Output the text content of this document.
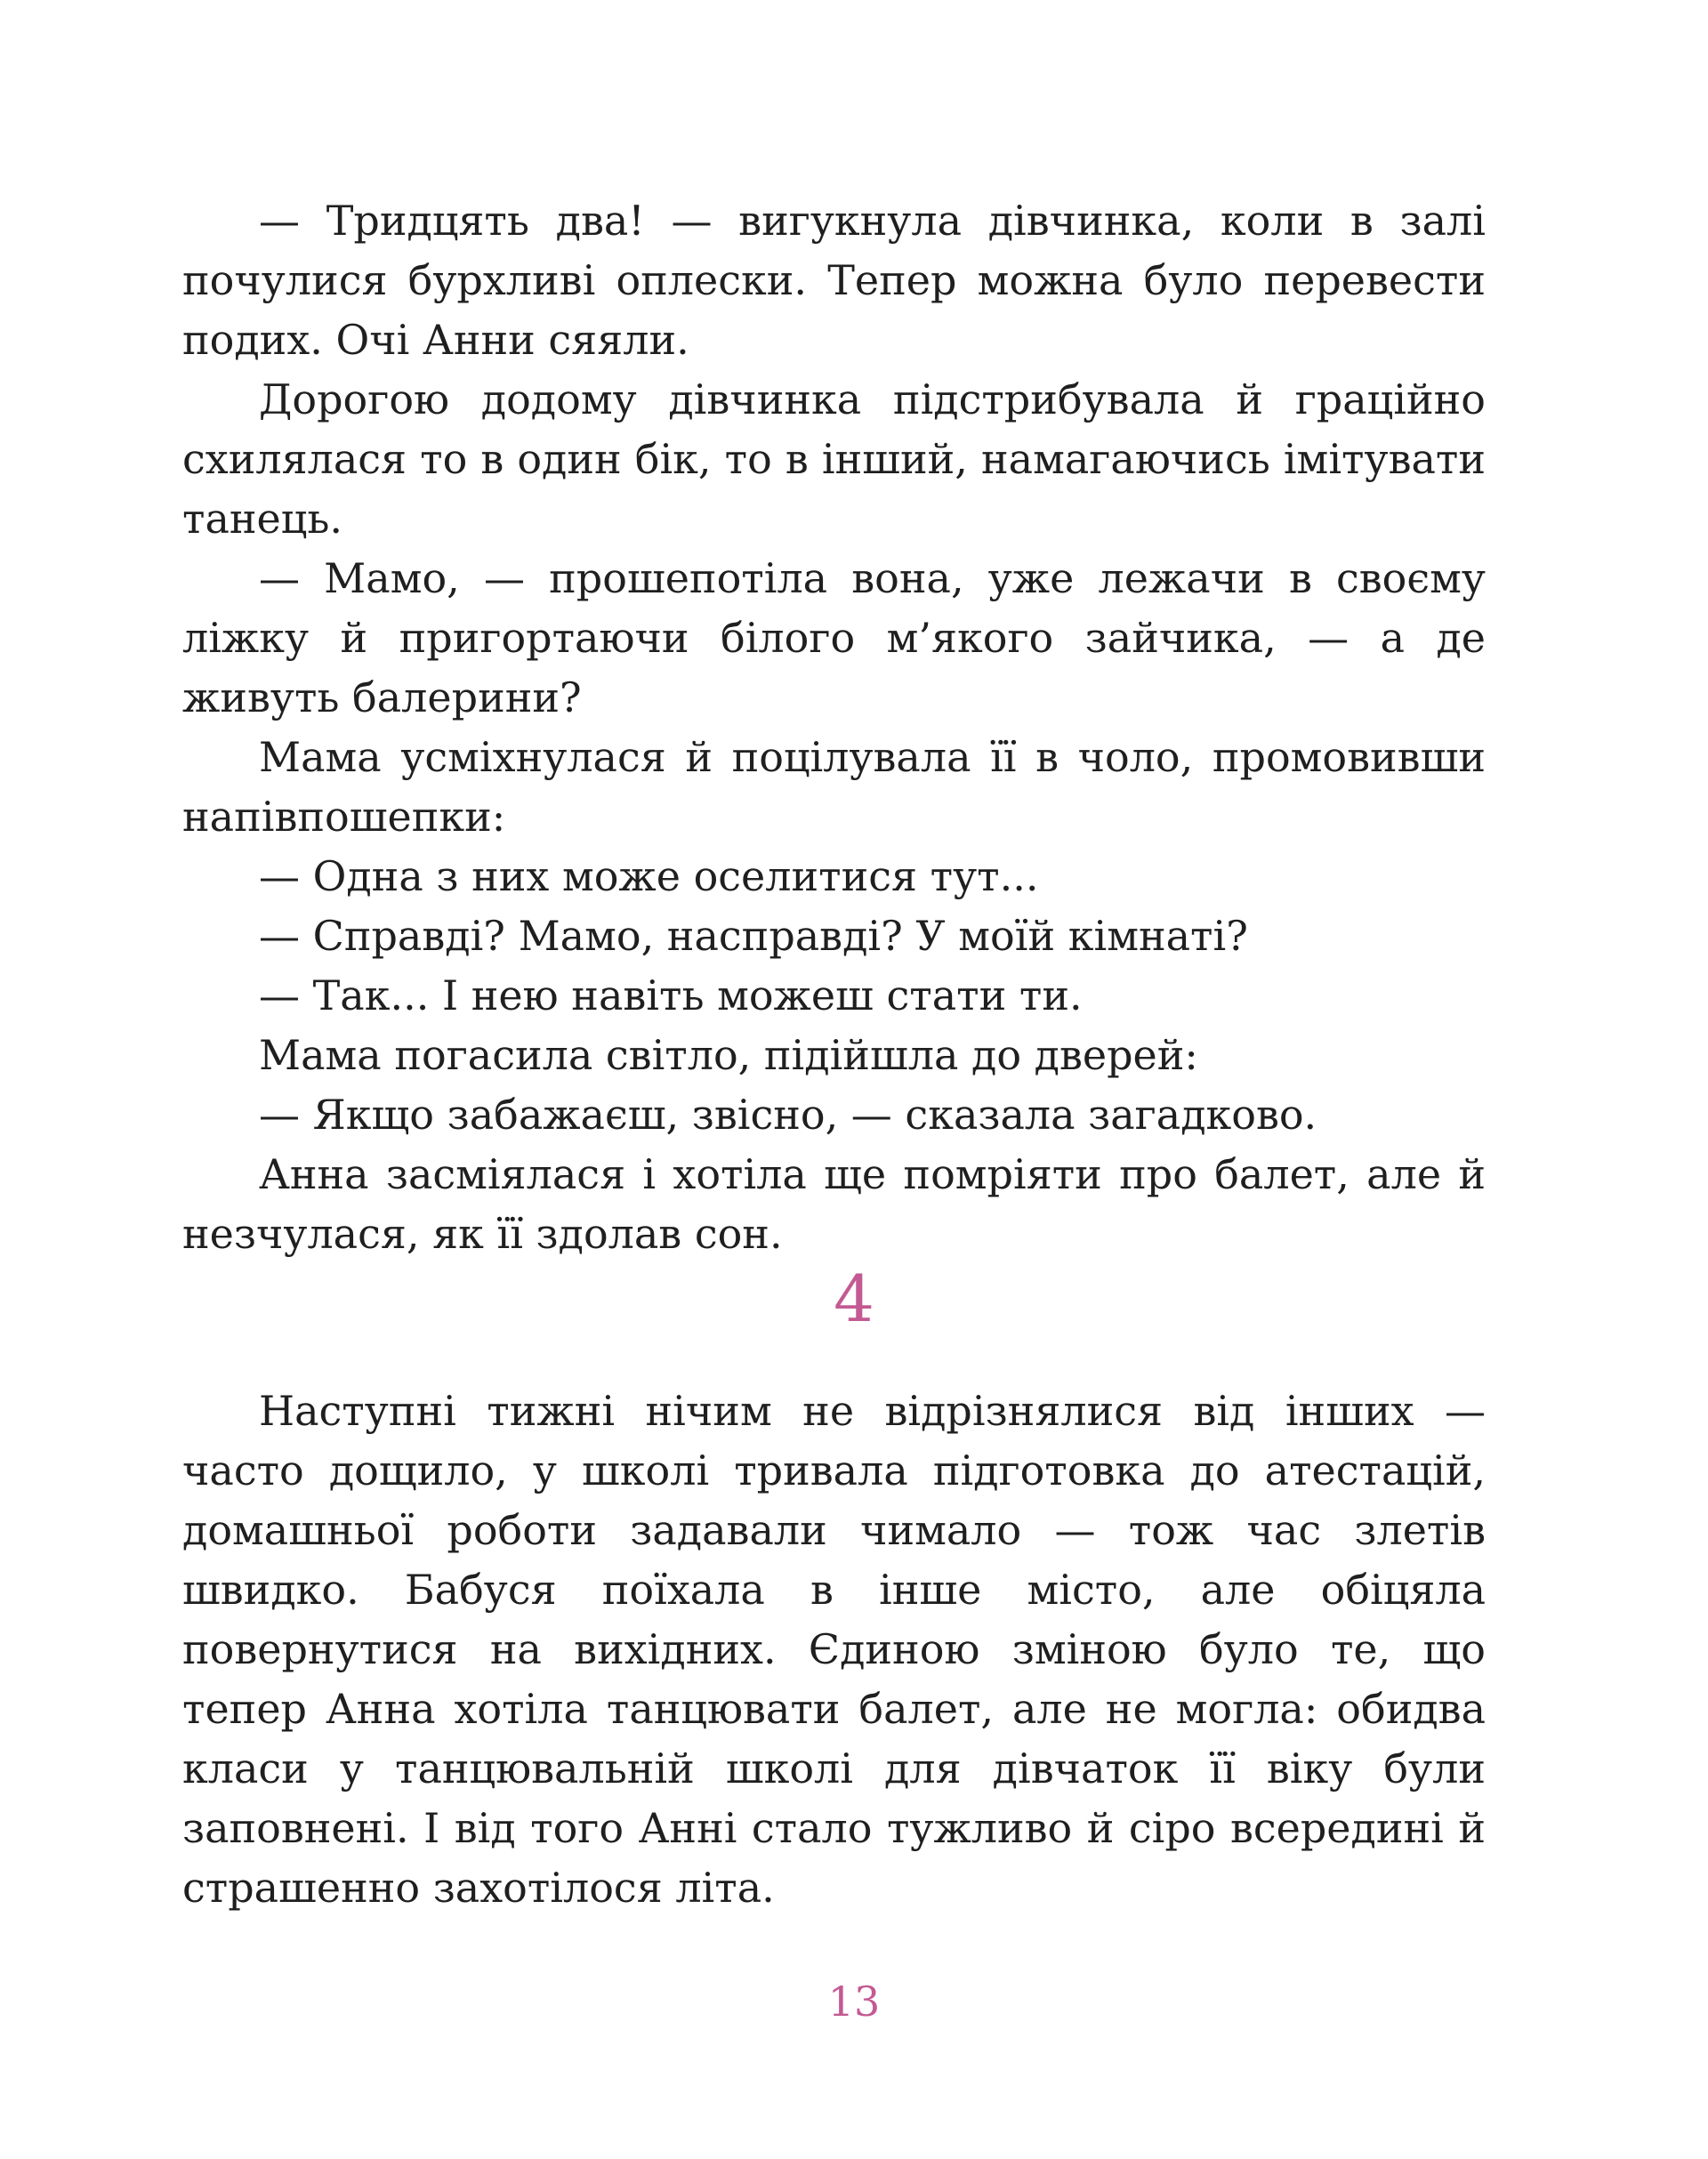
— Тридцять два! — вигукнула дівчинка, коли в залі почулися бурхливі оплески. Тепер можна було перевести подих. Очі Анни сяяли.

Дорогою додому дівчинка підстрибувала й граційно схилялася то в один бік, то в інший, намагаючись імітувати танець.

— Мамо, — прошепотіла вона, уже лежачи в своєму ліжку й пригортаючи білого м’якого зайчика, — а де живуть балерини?

Мама усміхнулася й поцілувала її в чоло, промовивши напівпошепки:

— Одна з них може оселитися тут...

— Справді? Мамо, насправді? У моїй кімнаті?

— Так... І нею навіть можеш стати ти.

Мама погасила світло, підійшла до дверей:

— Якщо забажаєш, звісно, — сказала загадково.

Анна засміялася і хотіла ще помріяти про балет, але й незчулася, як її здолав сон.

4

Наступні тижні нічим не відрізнялися від інших — часто дощило, у школі тривала підготовка до атестацій, домашньої роботи задавали чимало — тож час злетів швидко. Бабуся поїхала в інше місто, але обіцяла повернутися на вихідних. Єдиною зміною було те, що тепер Анна хотіла танцювати балет, але не могла: обидва класи у танцювальній школі для дівчаток її віку були заповнені. І від того Анні стало тужливо й сіро всередині й страшенно захотілося літа.

13
